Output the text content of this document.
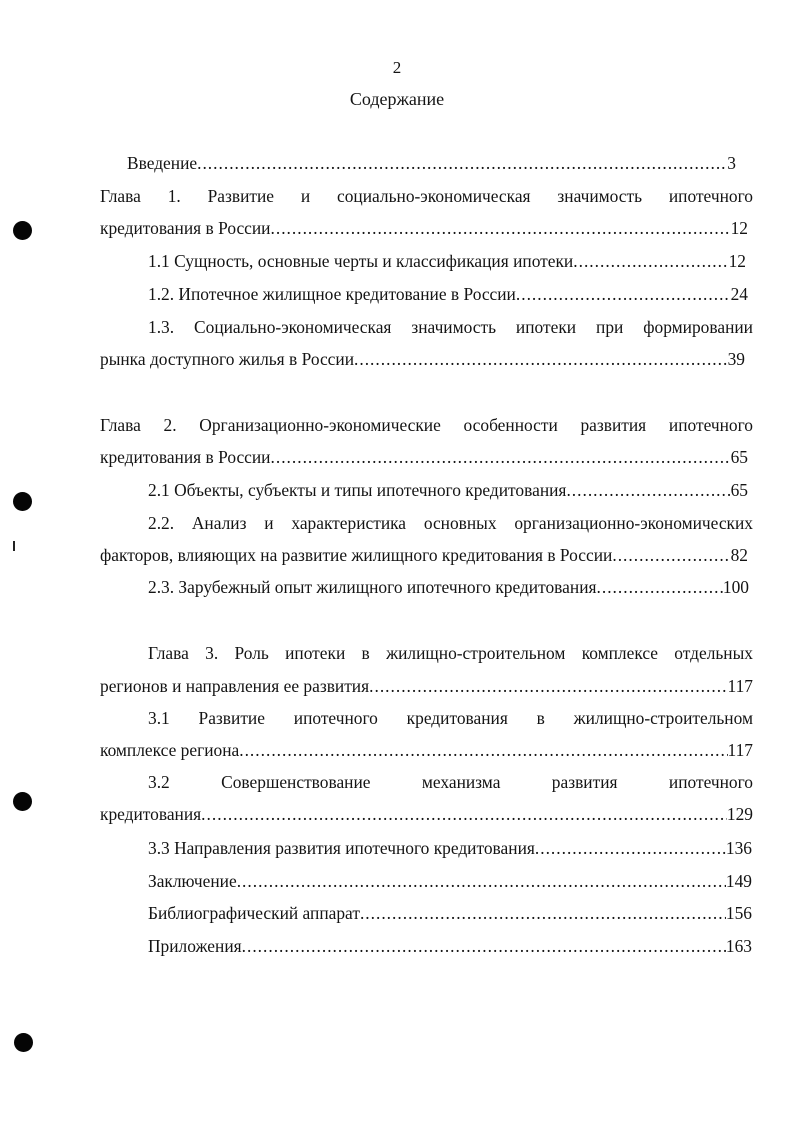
2
Содержание
Введение .....	3
Глава 1. Развитие и социально-экономическая значимость ипотечного
кредитования в России .....	12
1.1 Сущность, основные черты и классификация ипотеки .....	12
1.2. Ипотечное жилищное кредитование в России .....	24
1.3. Социально-экономическая значимость ипотеки при формировании
рынка доступного жилья в России .....	39
Глава 2. Организационно-экономические особенности развития ипотечного
кредитования в России .....	65
2.1 Объекты, субъекты и типы ипотечного кредитования .....	65
2.2. Анализ и характеристика основных организационно-экономических
факторов, влияющих на развитие жилищного кредитования в России .....	82
2.3. Зарубежный опыт жилищного ипотечного кредитования .....	100
Глава 3. Роль ипотеки в жилищно-строительном комплексе отдельных
регионов и направления ее развития .....	117
3.1 Развитие ипотечного кредитования в жилищно-строительном
комплексе региона .....	117
3.2 Совершенствование механизма развития ипотечного
кредитования .....	129
3.3 Направления развития ипотечного кредитования .....	136
Заключение .....	149
Библиографический аппарат .....	156
Приложения .....	163
